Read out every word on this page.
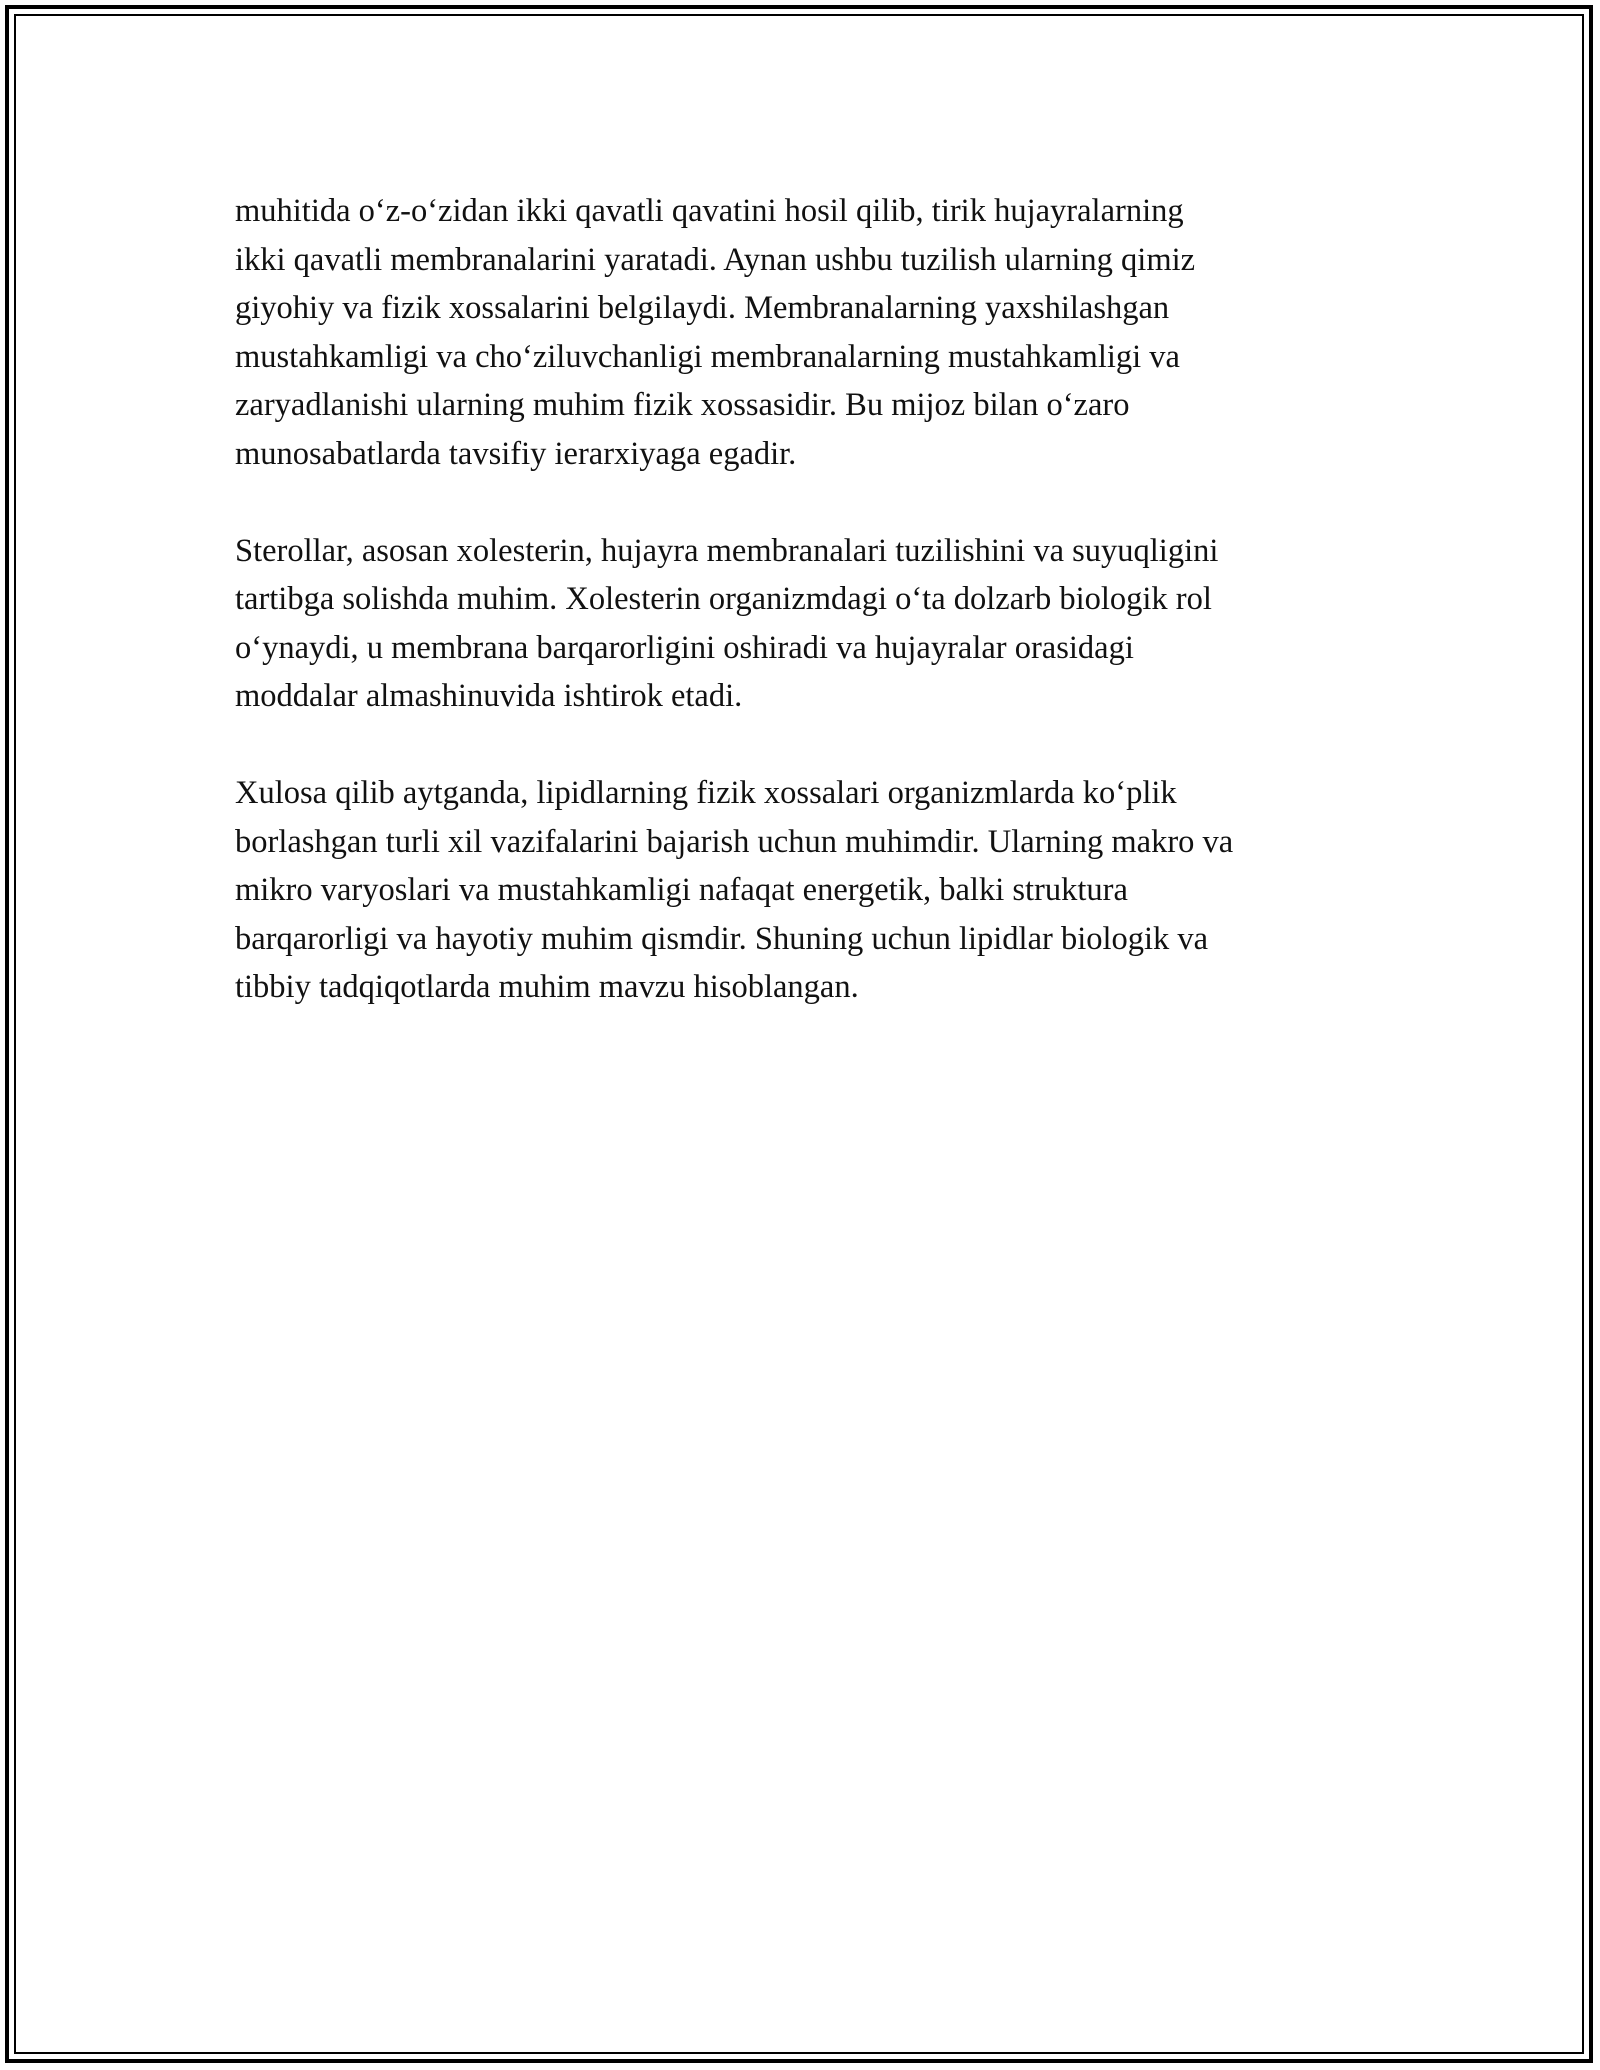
muhitida o‘z-o‘zidan ikki qavatli qavatini hosil qilib, tirik hujayralarning
ikki qavatli membranalarini yaratadi. Aynan ushbu tuzilish ularning qimiz
giyohiy va fizik xossalarini belgilaydi. Membranalarning yaxshilashgan
mustahkamligi va cho‘ziluvchanligi membranalarning mustahkamligi va
zaryadlanishi ularning muhim fizik xossasidir. Bu mijoz bilan o‘zaro
munosabatlarda tavsifiy ierarxiyaga egadir.

Sterollar, asosan xolesterin, hujayra membranalari tuzilishini va suyuqligini
tartibga solishda muhim. Xolesterin organizmdagi o‘ta dolzarb biologik rol
o‘ynaydi, u membrana barqarorligini oshiradi va hujayralar orasidagi
moddalar almashinuvida ishtirok etadi.

Xulosa qilib aytganda, lipidlarning fizik xossalari organizmlarda ko‘plik
borlashgan turli xil vazifalarini bajarish uchun muhimdir. Ularning makro va
mikro varyoslari va mustahkamligi nafaqat energetik, balki struktura
barqarorligi va hayotiy muhim qismdir. Shuning uchun lipidlar biologik va
tibbiy tadqiqotlarda muhim mavzu hisoblangan.
